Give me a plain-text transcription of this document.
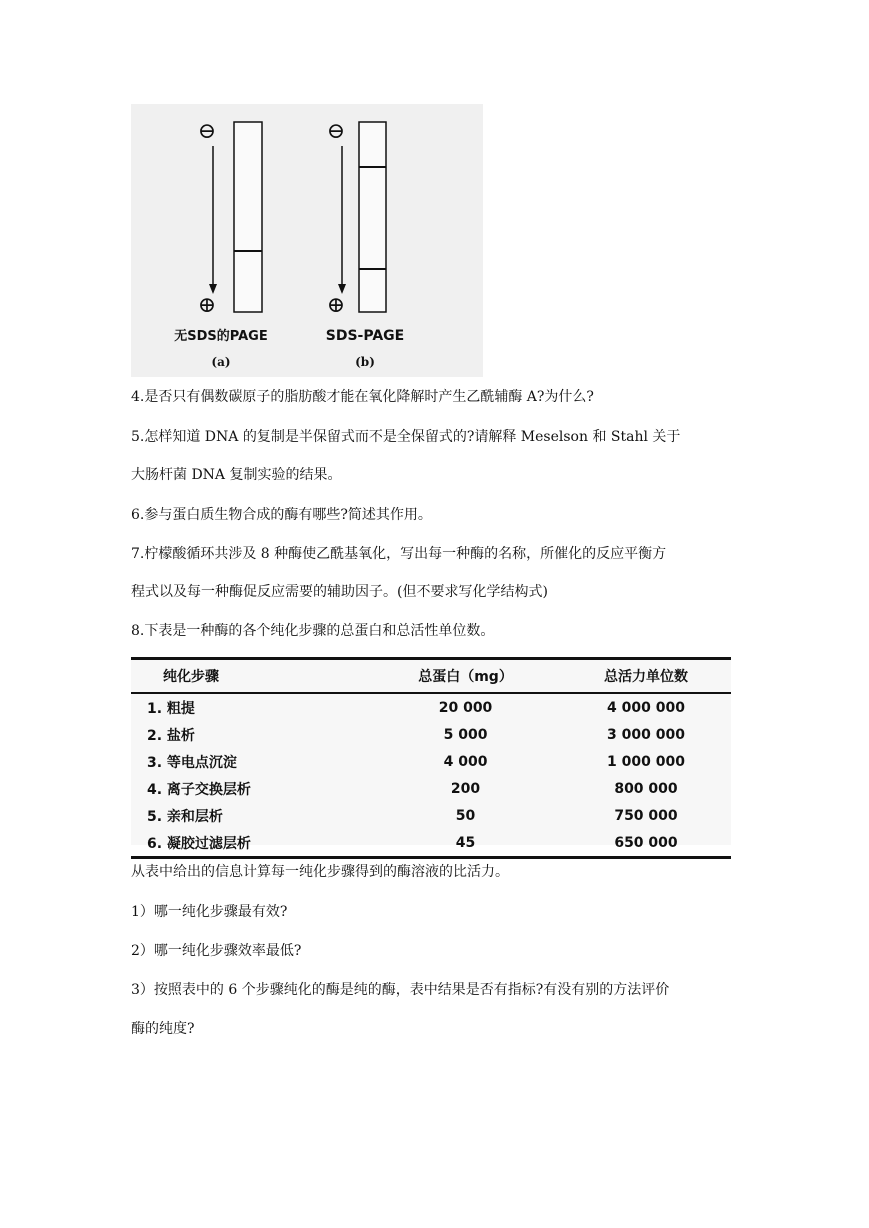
⊖
⊕
无SDS的PAGE
(a)
⊖
⊕
SDS-PAGE
(b)
4.是否只有偶数碳原子的脂肪酸才能在氧化降解时产生乙酰辅酶 A?为什么?
5.怎样知道 DNA 的复制是半保留式而不是全保留式的?请解释 Meselson 和 Stahl 关于
大肠杆菌 DNA 复制实验的结果。
6.参与蛋白质生物合成的酶有哪些?简述其作用。
7.柠檬酸循环共涉及 8 种酶使乙酰基氧化，写出每一种酶的名称，所催化的反应平衡方
程式以及每一种酶促反应需要的辅助因子。(但不要求写化学结构式)
8.下表是一种酶的各个纯化步骤的总蛋白和总活性单位数。
纯化步骤	总蛋白（mg）	总活力单位数
1. 粗提	20 000	4 000 000
2. 盐析	5 000	3 000 000
3. 等电点沉淀	4 000	1 000 000
4. 离子交换层析	200	800 000
5. 亲和层析	50	750 000
6. 凝胶过滤层析	45	650 000
从表中给出的信息计算每一纯化步骤得到的酶溶液的比活力。
1）哪一纯化步骤最有效?
2）哪一纯化步骤效率最低?
3）按照表中的 6 个步骤纯化的酶是纯的酶，表中结果是否有指标?有没有别的方法评价
酶的纯度?
